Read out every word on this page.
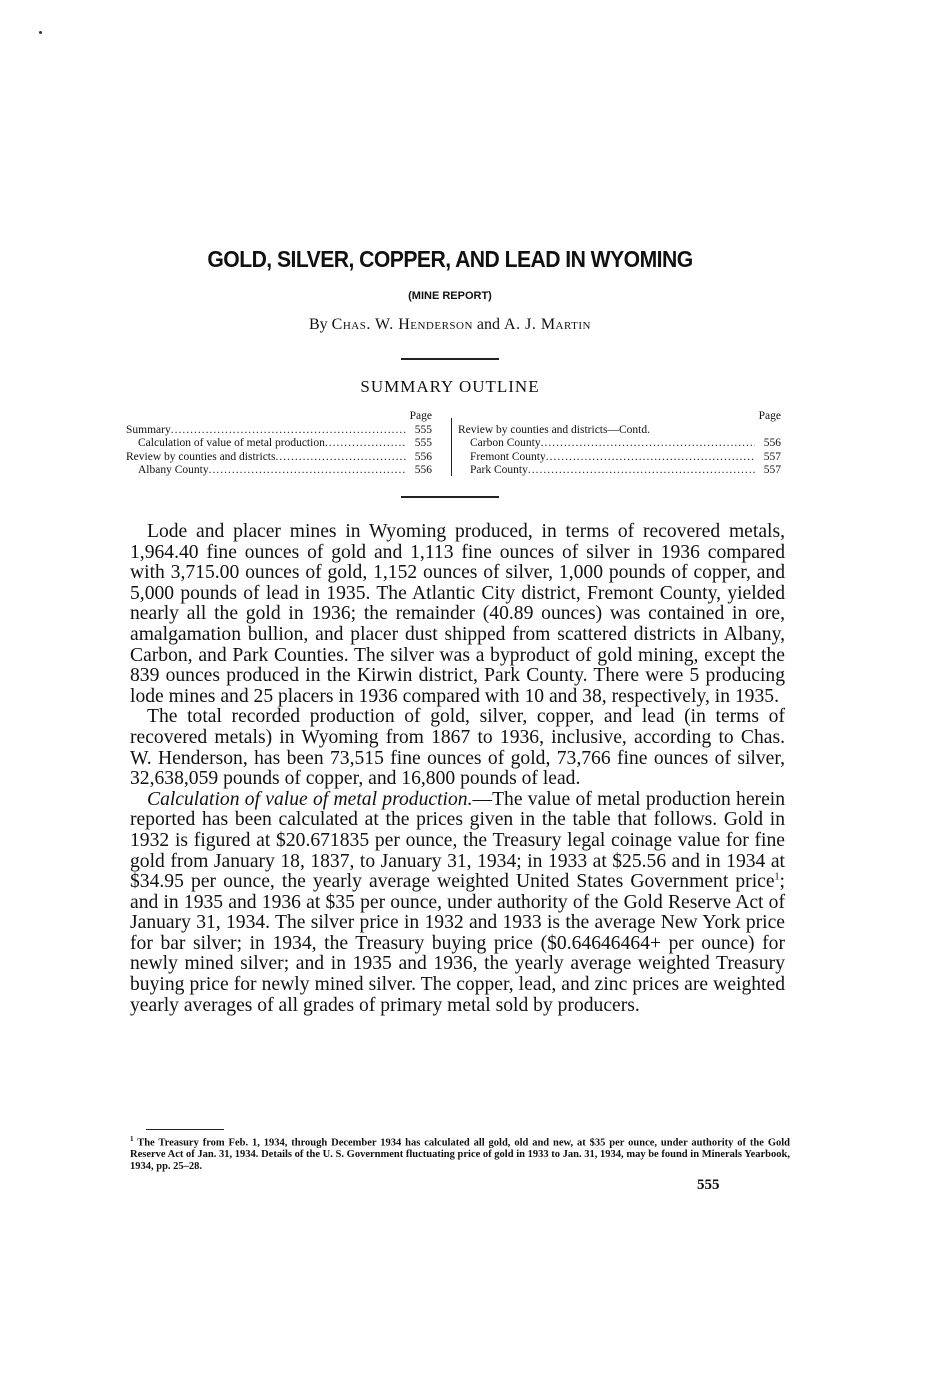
GOLD, SILVER, COPPER, AND LEAD IN WYOMING
(MINE REPORT)
By Chas. W. Henderson and A. J. Martin
SUMMARY OUTLINE
Page
Summary .....	555
Calculation of value of metal production .....	555
Review by counties and districts .....	556
Albany County .....	556
Page
Review by counties and districts—Contd.
Carbon County .....	556
Fremont County .....	557
Park County .....	557

Lode and placer mines in Wyoming produced, in terms of recovered metals, 1,964.40 fine ounces of gold and 1,113 fine ounces of silver in 1936 compared with 3,715.00 ounces of gold, 1,152 ounces of silver, 1,000 pounds of copper, and 5,000 pounds of lead in 1935. The Atlantic City district, Fremont County, yielded nearly all the gold in 1936; the remainder (40.89 ounces) was contained in ore, amalgamation bullion, and placer dust shipped from scattered districts in Albany, Carbon, and Park Counties. The silver was a byproduct of gold mining, except the 839 ounces produced in the Kirwin district, Park County. There were 5 producing lode mines and 25 placers in 1936 compared with 10 and 38, respectively, in 1935.

The total recorded production of gold, silver, copper, and lead (in terms of recovered metals) in Wyoming from 1867 to 1936, inclusive, according to Chas. W. Henderson, has been 73,515 fine ounces of gold, 73,766 fine ounces of silver, 32,638,059 pounds of copper, and 16,800 pounds of lead.

Calculation of value of metal production.—The value of metal production herein reported has been calculated at the prices given in the table that follows. Gold in 1932 is figured at $20.671835 per ounce, the Treasury legal coinage value for fine gold from January 18, 1837, to January 31, 1934; in 1933 at $25.56 and in 1934 at $34.95 per ounce, the yearly average weighted United States Government price$^1$; and in 1935 and 1936 at $35 per ounce, under authority of the Gold Reserve Act of January 31, 1934. The silver price in 1932 and 1933 is the average New York price for bar silver; in 1934, the Treasury buying price ($0.64646464+ per ounce) for newly mined silver; and in 1935 and 1936, the yearly average weighted Treasury buying price for newly mined silver. The copper, lead, and zinc prices are weighted yearly averages of all grades of primary metal sold by producers.

$^1$ The Treasury from Feb. 1, 1934, through December 1934 has calculated all gold, old and new, at $35 per ounce, under authority of the Gold Reserve Act of Jan. 31, 1934. Details of the U. S. Government fluctuating price of gold in 1933 to Jan. 31, 1934, may be found in Minerals Yearbook, 1934, pp. 25–28.
555
